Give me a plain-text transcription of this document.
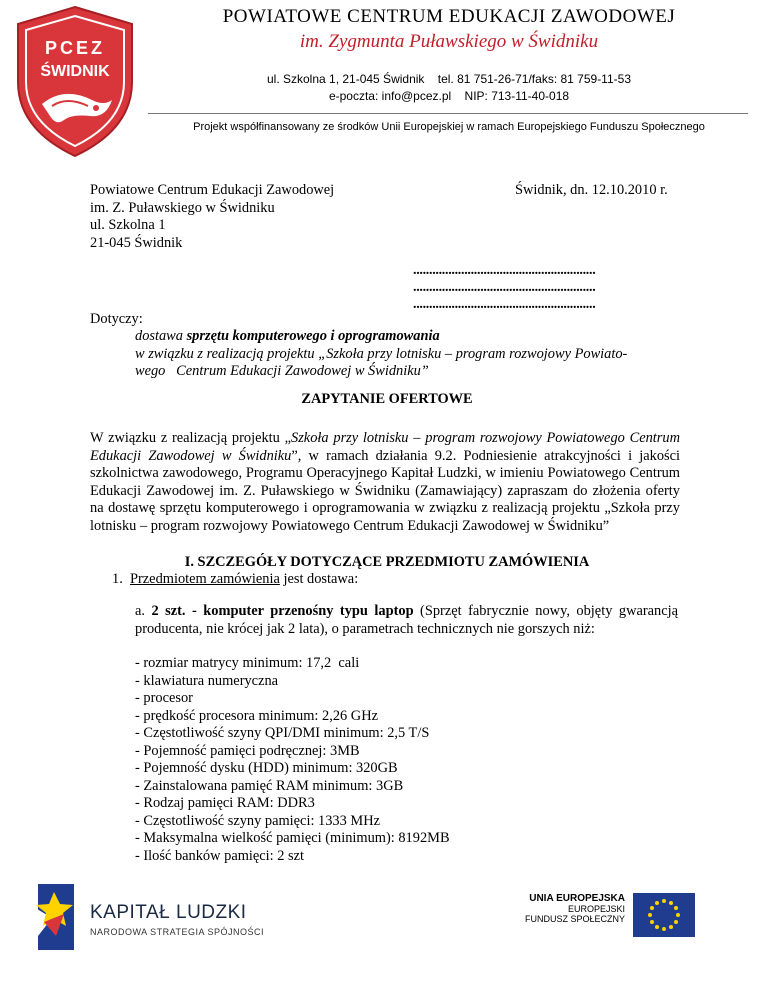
PCEZ
ŚWIDNIK
POWIATOWE CENTRUM EDUKACJI ZAWODOWEJ
im. Zygmunta Puławskiego w Świdniku
ul. Szkolna 1, 21-045 Świdnik    tel. 81 751-26-71/faks: 81 759-11-53
e-poczta: info@pcez.pl    NIP: 713-11-40-018
Projekt współfinansowany ze środków Unii Europejskiej w ramach Europejskiego Funduszu Społecznego
Powiatowe Centrum Edukacji Zawodowej
im. Z. Puławskiego w Świdniku
ul. Szkolna 1
21-045 Świdnik
Świdnik, dn. 12.10.2010 r.
.........................................................
.........................................................
.........................................................
Dotyczy:
dostawa sprzętu komputerowego i oprogramowania
w związku z realizacją projektu „Szkoła przy lotnisku – program rozwojowy Powiato-
wego   Centrum Edukacji Zawodowej w Świdniku”
ZAPYTANIE OFERTOWE
W związku z realizacją projektu „Szkoła przy lotnisku – program rozwojowy Powiatowego Centrum Edukacji Zawodowej w Świdniku”, w ramach działania 9.2. Podniesienie atrakcyjności i jakości szkolnictwa zawodowego, Programu Operacyjnego Kapitał Ludzki, w imieniu Powiatowego Centrum Edukacji Zawodowej im. Z. Puławskiego w Świdniku (Zamawiający) zapraszam do złożenia oferty na dostawę sprzętu komputerowego i oprogramowania w związku z realizacją projektu „Szkoła przy lotnisku – program rozwojowy Powiatowego Centrum Edukacji Zawodowej w Świdniku”
I. SZCZEGÓŁY DOTYCZĄCE PRZEDMIOTU ZAMÓWIENIA
1. Przedmiotem zamówienia jest dostawa:
a. 2 szt. - komputer przenośny typu laptop (Sprzęt fabrycznie nowy, objęty gwarancją producenta, nie krócej jak 2 lata), o parametrach technicznych nie gorszych niż:
- rozmiar matrycy minimum: 17,2  cali
- klawiatura numeryczna
- procesor
- prędkość procesora minimum: 2,26 GHz
- Częstotliwość szyny QPI/DMI minimum: 2,5 T/S
- Pojemność pamięci podręcznej: 3MB
- Pojemność dysku (HDD) minimum: 320GB
- Zainstalowana pamięć RAM minimum: 3GB
- Rodzaj pamięci RAM: DDR3
- Częstotliwość szyny pamięci: 1333 MHz
- Maksymalna wielkość pamięci (minimum): 8192MB
- Ilość banków pamięci: 2 szt
KAPITAŁ LUDZKI
NARODOWA STRATEGIA SPÓJNOŚCI
UNIA EUROPEJSKA
EUROPEJSKI
FUNDUSZ SPOŁECZNY
